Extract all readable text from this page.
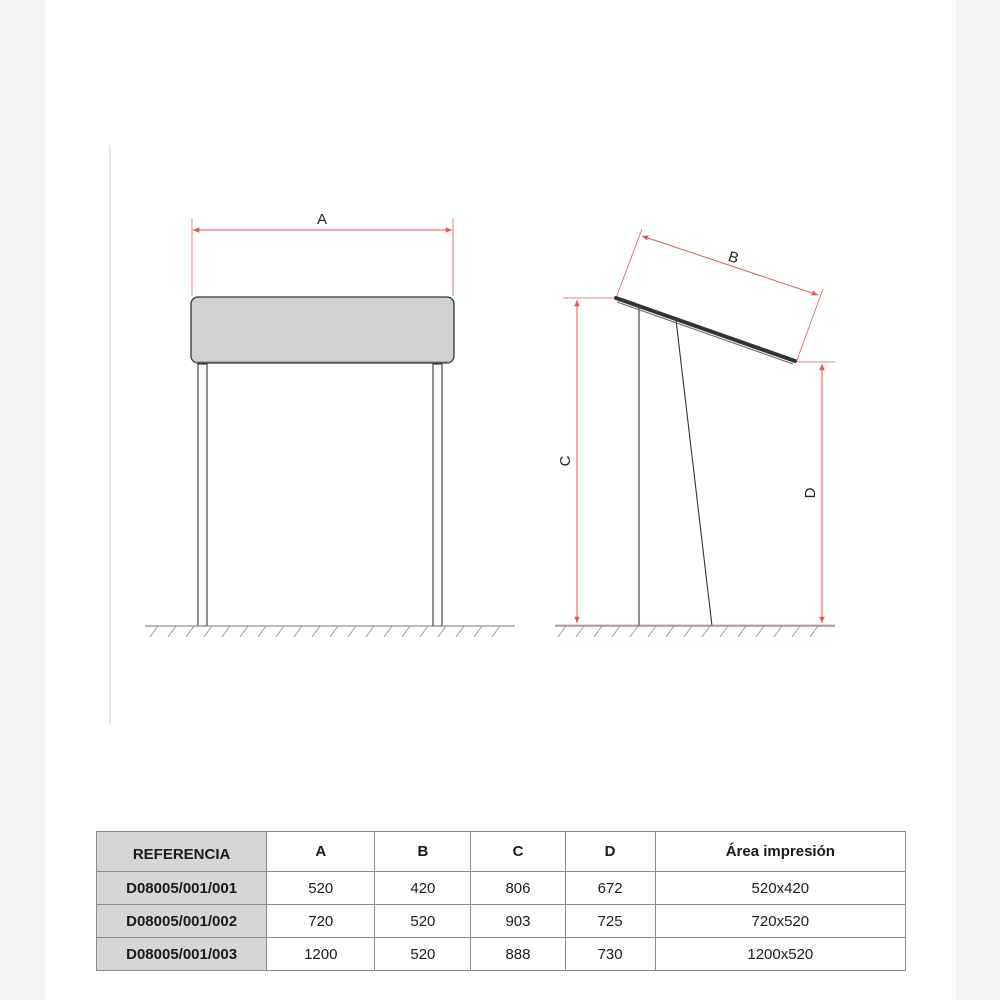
A
B
C
D
REFERENCIA	A	B	C	D	Área impresión
D08005/001/001	520	420	806	672	520x420
D08005/001/002	720	520	903	725	720x520
D08005/001/003	1200	520	888	730	1200x520
